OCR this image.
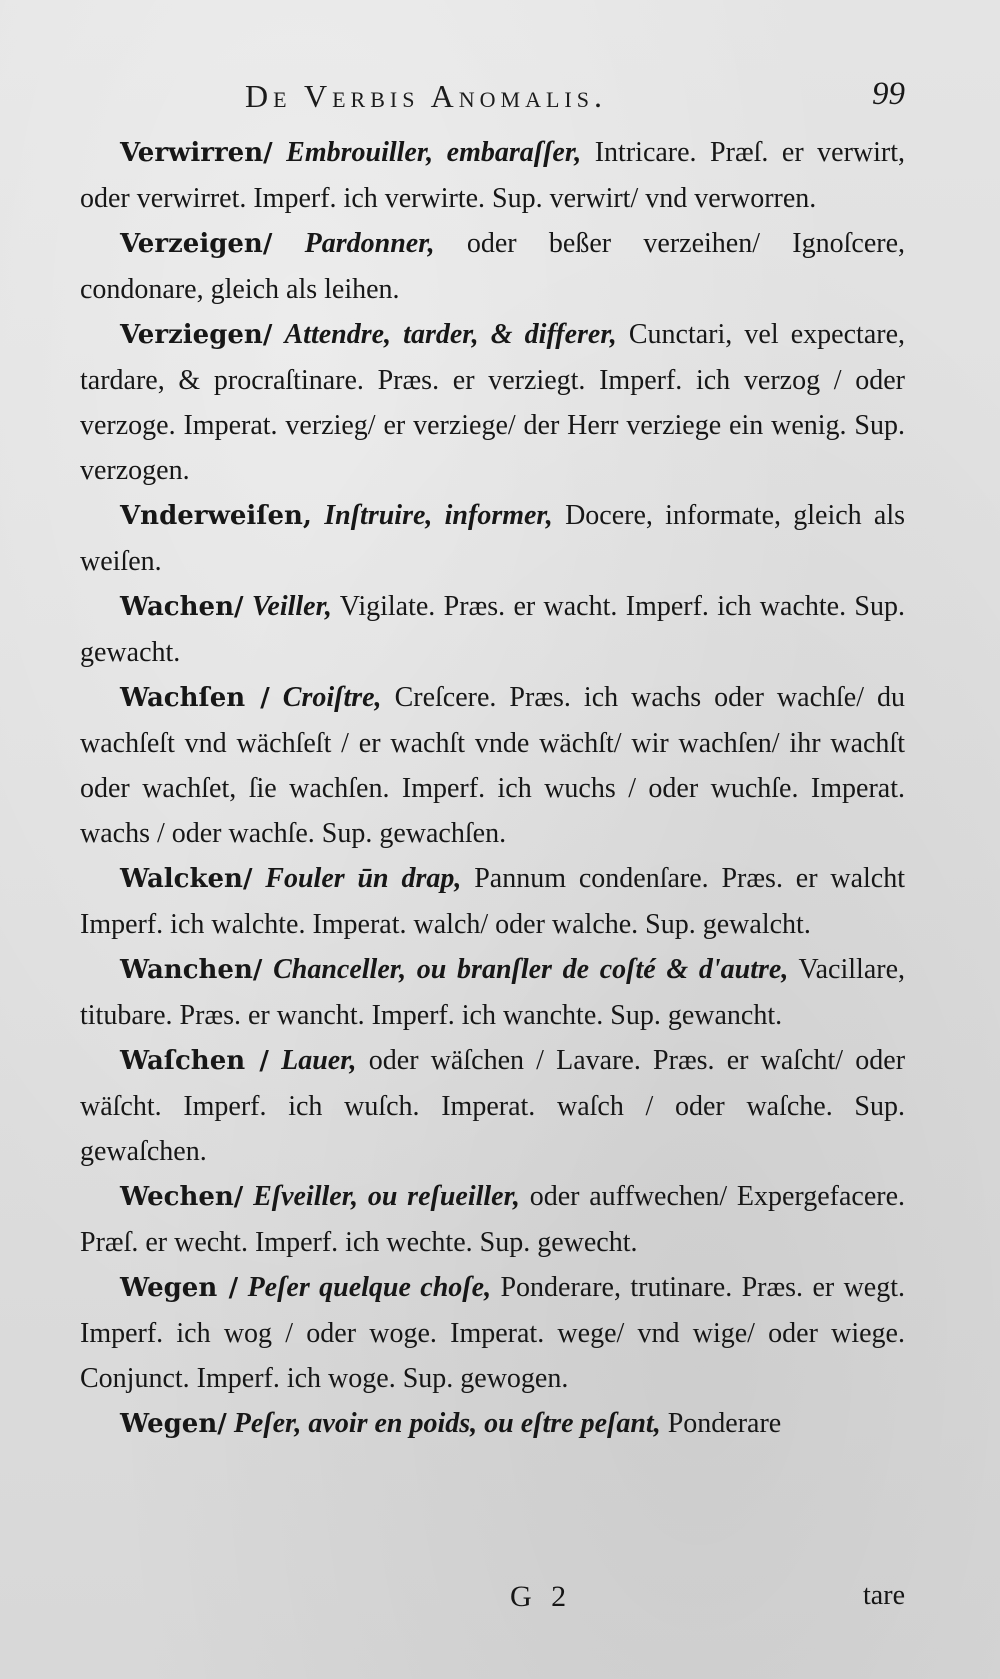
De Verbis Anomalis.	99

Verwirren/ Embrouiller, embaraſſer, Intricare. Præſ. er verwirt, oder verwirret. Imperf. ich verwirte. Sup. verwirt/ vnd verworren.

Verzeigen/ Pardonner, oder beßer verzeihen/ Ignoſcere, condonare, gleich als leihen.

Verziegen/ Attendre, tarder, & differer, Cunctari, vel expectare, tardare, & procraſtinare. Præs. er verziegt. Imperf. ich verzog / oder verzoge. Imperat. verzieg/ er verziege/ der Herr verziege ein wenig. Sup. verzogen.

Vnderweiſen, Inſtruire, informer, Docere, informate, gleich als weiſen.

Wachen/ Veiller, Vigilate. Præs. er wacht. Imperf. ich wachte. Sup. gewacht.

Wachſen / Croiſtre, Creſcere. Præs. ich wachs oder wachſe/ du wachſeſt vnd wächſeſt / er wachſt vnde wächſt/ wir wachſen/ ihr wachſt oder wachſet, ſie wachſen. Imperf. ich wuchs / oder wuchſe. Imperat. wachs / oder wachſe. Sup. gewachſen.

Walcken/ Fouler ūn drap, Pannum condenſare. Præs. er walcht Imperf. ich walchte. Imperat. walch/ oder walche. Sup. gewalcht.

Wanchen/ Chanceller, ou branſler de coſté & d'autre, Vacillare, titubare. Præs. er wancht. Imperf. ich wanchte. Sup. gewancht.

Waſchen / Lauer, oder wäſchen / Lavare. Præs. er waſcht/ oder wäſcht. Imperf. ich wuſch. Imperat. waſch / oder waſche. Sup. gewaſchen.

Wechen/ Eſveiller, ou reſueiller, oder auffwechen/ Expergefacere. Præſ. er wecht. Imperf. ich wechte. Sup. gewecht.

Wegen / Peſer quelque choſe, Ponderare, trutinare. Præs. er wegt. Imperf. ich wog / oder woge. Imperat. wege/ vnd wige/ oder wiege. Conjunct. Imperf. ich woge. Sup. gewogen.

Wegen/ Peſer, avoir en poids, ou eſtre peſant, Ponderare

G 2	tare
